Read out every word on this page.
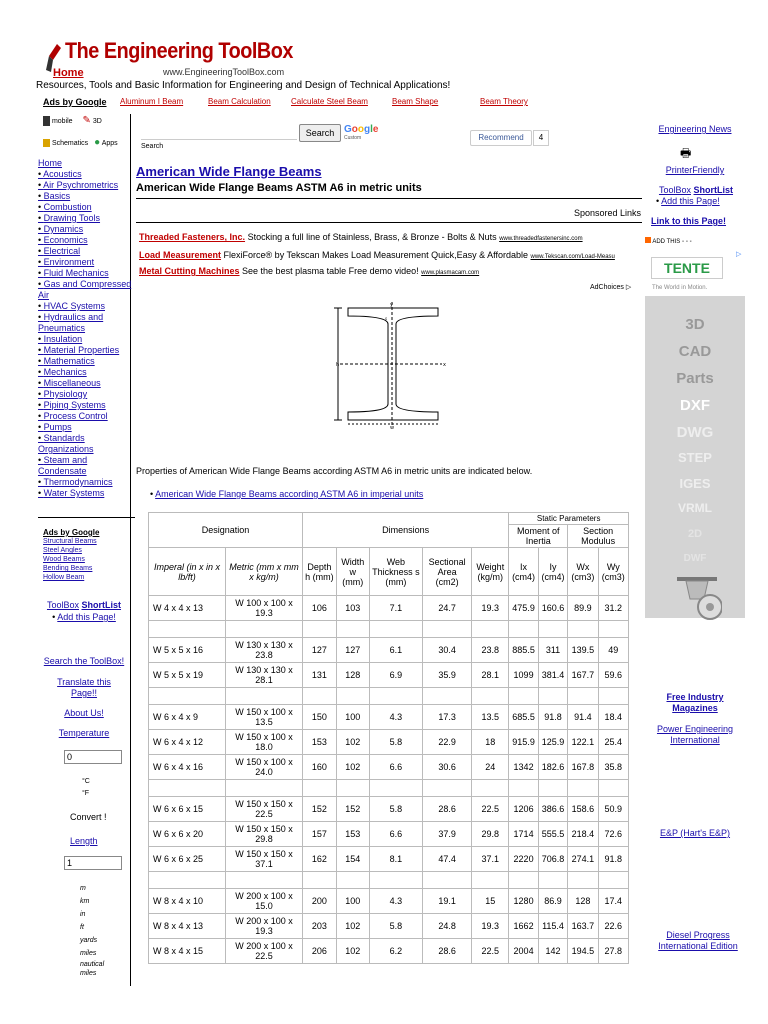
The Engineering ToolBox
Home	www.EngineeringToolBox.com
Resources, Tools and Basic Information for Engineering and Design of Technical Applications!
Ads by Google Aluminum I Beam	Beam Calculation	Calculate Steel Beam	Beam Shape	Beam Theory
mobile ✎ 3D
Schematics ● Apps
Home
• Acoustics
• Air Psychrometrics
• Basics
• Combustion
• Drawing Tools
• Dynamics
• Economics
• Electrical
• Environment
• Fluid Mechanics
• Gas and Compressed Air
• HVAC Systems
• Hydraulics and Pneumatics
• Insulation
• Material Properties
• Mathematics
• Mechanics
• Miscellaneous
• Physiology
• Piping Systems
• Process Control
• Pumps
• Standards Organizations
• Steam and Condensate
• Thermodynamics
• Water Systems
Ads by Google
Structural Beams
Steel Angles
Wood Beams
Bending Beams
Hollow Beam
ToolBox ShortList
• Add this Page!
Search the ToolBox!
Translate this Page!!
About Us!
Temperature
0
°C
°F
Convert !
Length
1
m
km
in
ft
yards
miles
nautical miles
Search Google
Custom
Search
Recommend	4
American Wide Flange Beams
American Wide Flange Beams ASTM A6 in metric units
Sponsored Links
Threaded Fasteners, Inc. Stocking a full line of Stainless, Brass, & Bronze - Bolts & Nuts www.threadedfastenersinc.com
Load Measurement FlexiForce® by Tekscan Makes Load Measurement Quick,Easy & Affordable www.Tekscan.com/Load-Measu
Metal Cutting Machines See the best plasma table Free demo video! www.plasmacam.com
AdChoices ▷
y
x
h
w
s
Properties of American Wide Flange Beams according ASTM A6 in metric units are indicated below.
• American Wide Flange Beams according ASTM A6 in imperial units
Designation		Dimensions					Static Parameters			
							Moment of Inertia		Section Modulus	
Imperal (in x in x lb/ft)	Metric (mm x mm x kg/m)	Depth h (mm)	Width w (mm)	Web Thickness s (mm)	Sectional Area (cm2)	Weight (kg/m)	Ix (cm4)	Iy (cm4)	Wx (cm3)	Wy (cm3)
W 4 x 4 x 13	W 100 x 100 x 19.3	106	103	7.1	24.7	19.3	475.9	160.6	89.9	31.2

W 5 x 5 x 16	W 130 x 130 x 23.8	127	127	6.1	30.4	23.8	885.5	311	139.5	49
W 5 x 5 x 19	W 130 x 130 x 28.1	131	128	6.9	35.9	28.1	1099	381.4	167.7	59.6

W 6 x 4 x 9	W 150 x 100 x 13.5	150	100	4.3	17.3	13.5	685.5	91.8	91.4	18.4
W 6 x 4 x 12	W 150 x 100 x 18.0	153	102	5.8	22.9	18	915.9	125.9	122.1	25.4
W 6 x 4 x 16	W 150 x 100 x 24.0	160	102	6.6	30.6	24	1342	182.6	167.8	35.8

W 6 x 6 x 15	W 150 x 150 x 22.5	152	152	5.8	28.6	22.5	1206	386.6	158.6	50.9
W 6 x 6 x 20	W 150 x 150 x 29.8	157	153	6.6	37.9	29.8	1714	555.5	218.4	72.6
W 6 x 6 x 25	W 150 x 150 x 37.1	162	154	8.1	47.4	37.1	2220	706.8	274.1	91.8

W 8 x 4 x 10	W 200 x 100 x 15.0	200	100	4.3	19.1	15	1280	86.9	128	17.4
W 8 x 4 x 13	W 200 x 100 x 19.3	203	102	5.8	24.8	19.3	1662	115.4	163.7	22.6
W 8 x 4 x 15	W 200 x 100 x 22.5	206	102	6.2	28.6	22.5	2004	142	194.5	27.8
Engineering News
🖶
PrinterFriendly
ToolBox ShortList
• Add this Page!
Link to this Page!
ADD THIS ▪ ▪ ▪
▷
TENTE
The World in Motion.
3D
CAD
Parts
DXF
DWG
STEP
IGES
VRML
2D
DWF
Free Industry Magazines
Power Engineering International
E&P (Hart's E&P)
Diesel Progress International Edition
